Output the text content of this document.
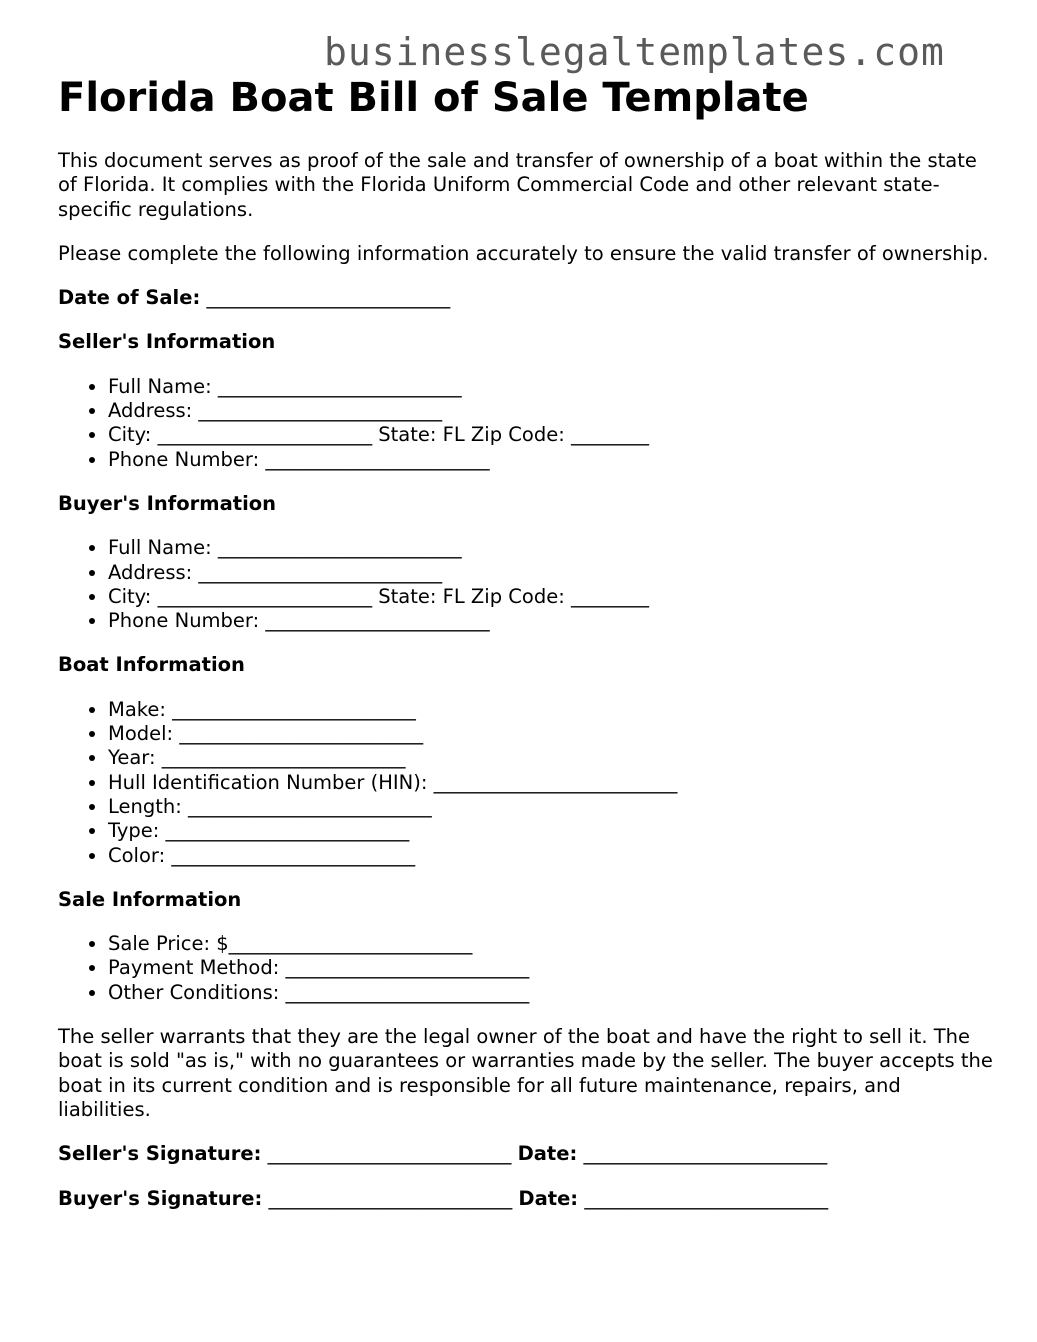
businesslegaltemplates.com
Florida Boat Bill of Sale Template

This document serves as proof of the sale and transfer of ownership of a boat within the state of Florida. It complies with the Florida Uniform Commercial Code and other relevant state-specific regulations.

Please complete the following information accurately to ensure the valid transfer of ownership.

Date of Sale: _________________________
Seller's Information
• Full Name: _________________________
• Address: _________________________
• City: ______________________ State: FL Zip Code: ________
• Phone Number: _______________________
Buyer's Information
• Full Name: _________________________
• Address: _________________________
• City: ______________________ State: FL Zip Code: ________
• Phone Number: _______________________
Boat Information
• Make: _________________________
• Model: _________________________
• Year: _________________________
• Hull Identification Number (HIN): _________________________
• Length: _________________________
• Type: _________________________
• Color: _________________________
Sale Information
• Sale Price: $_________________________
• Payment Method: _________________________
• Other Conditions: _________________________

The seller warrants that they are the legal owner of the boat and have the right to sell it. The boat is sold "as is," with no guarantees or warranties made by the seller. The buyer accepts the boat in its current condition and is responsible for all future maintenance, repairs, and liabilities.

Seller's Signature: _________________________ Date: _________________________
Buyer's Signature: _________________________ Date: _________________________
